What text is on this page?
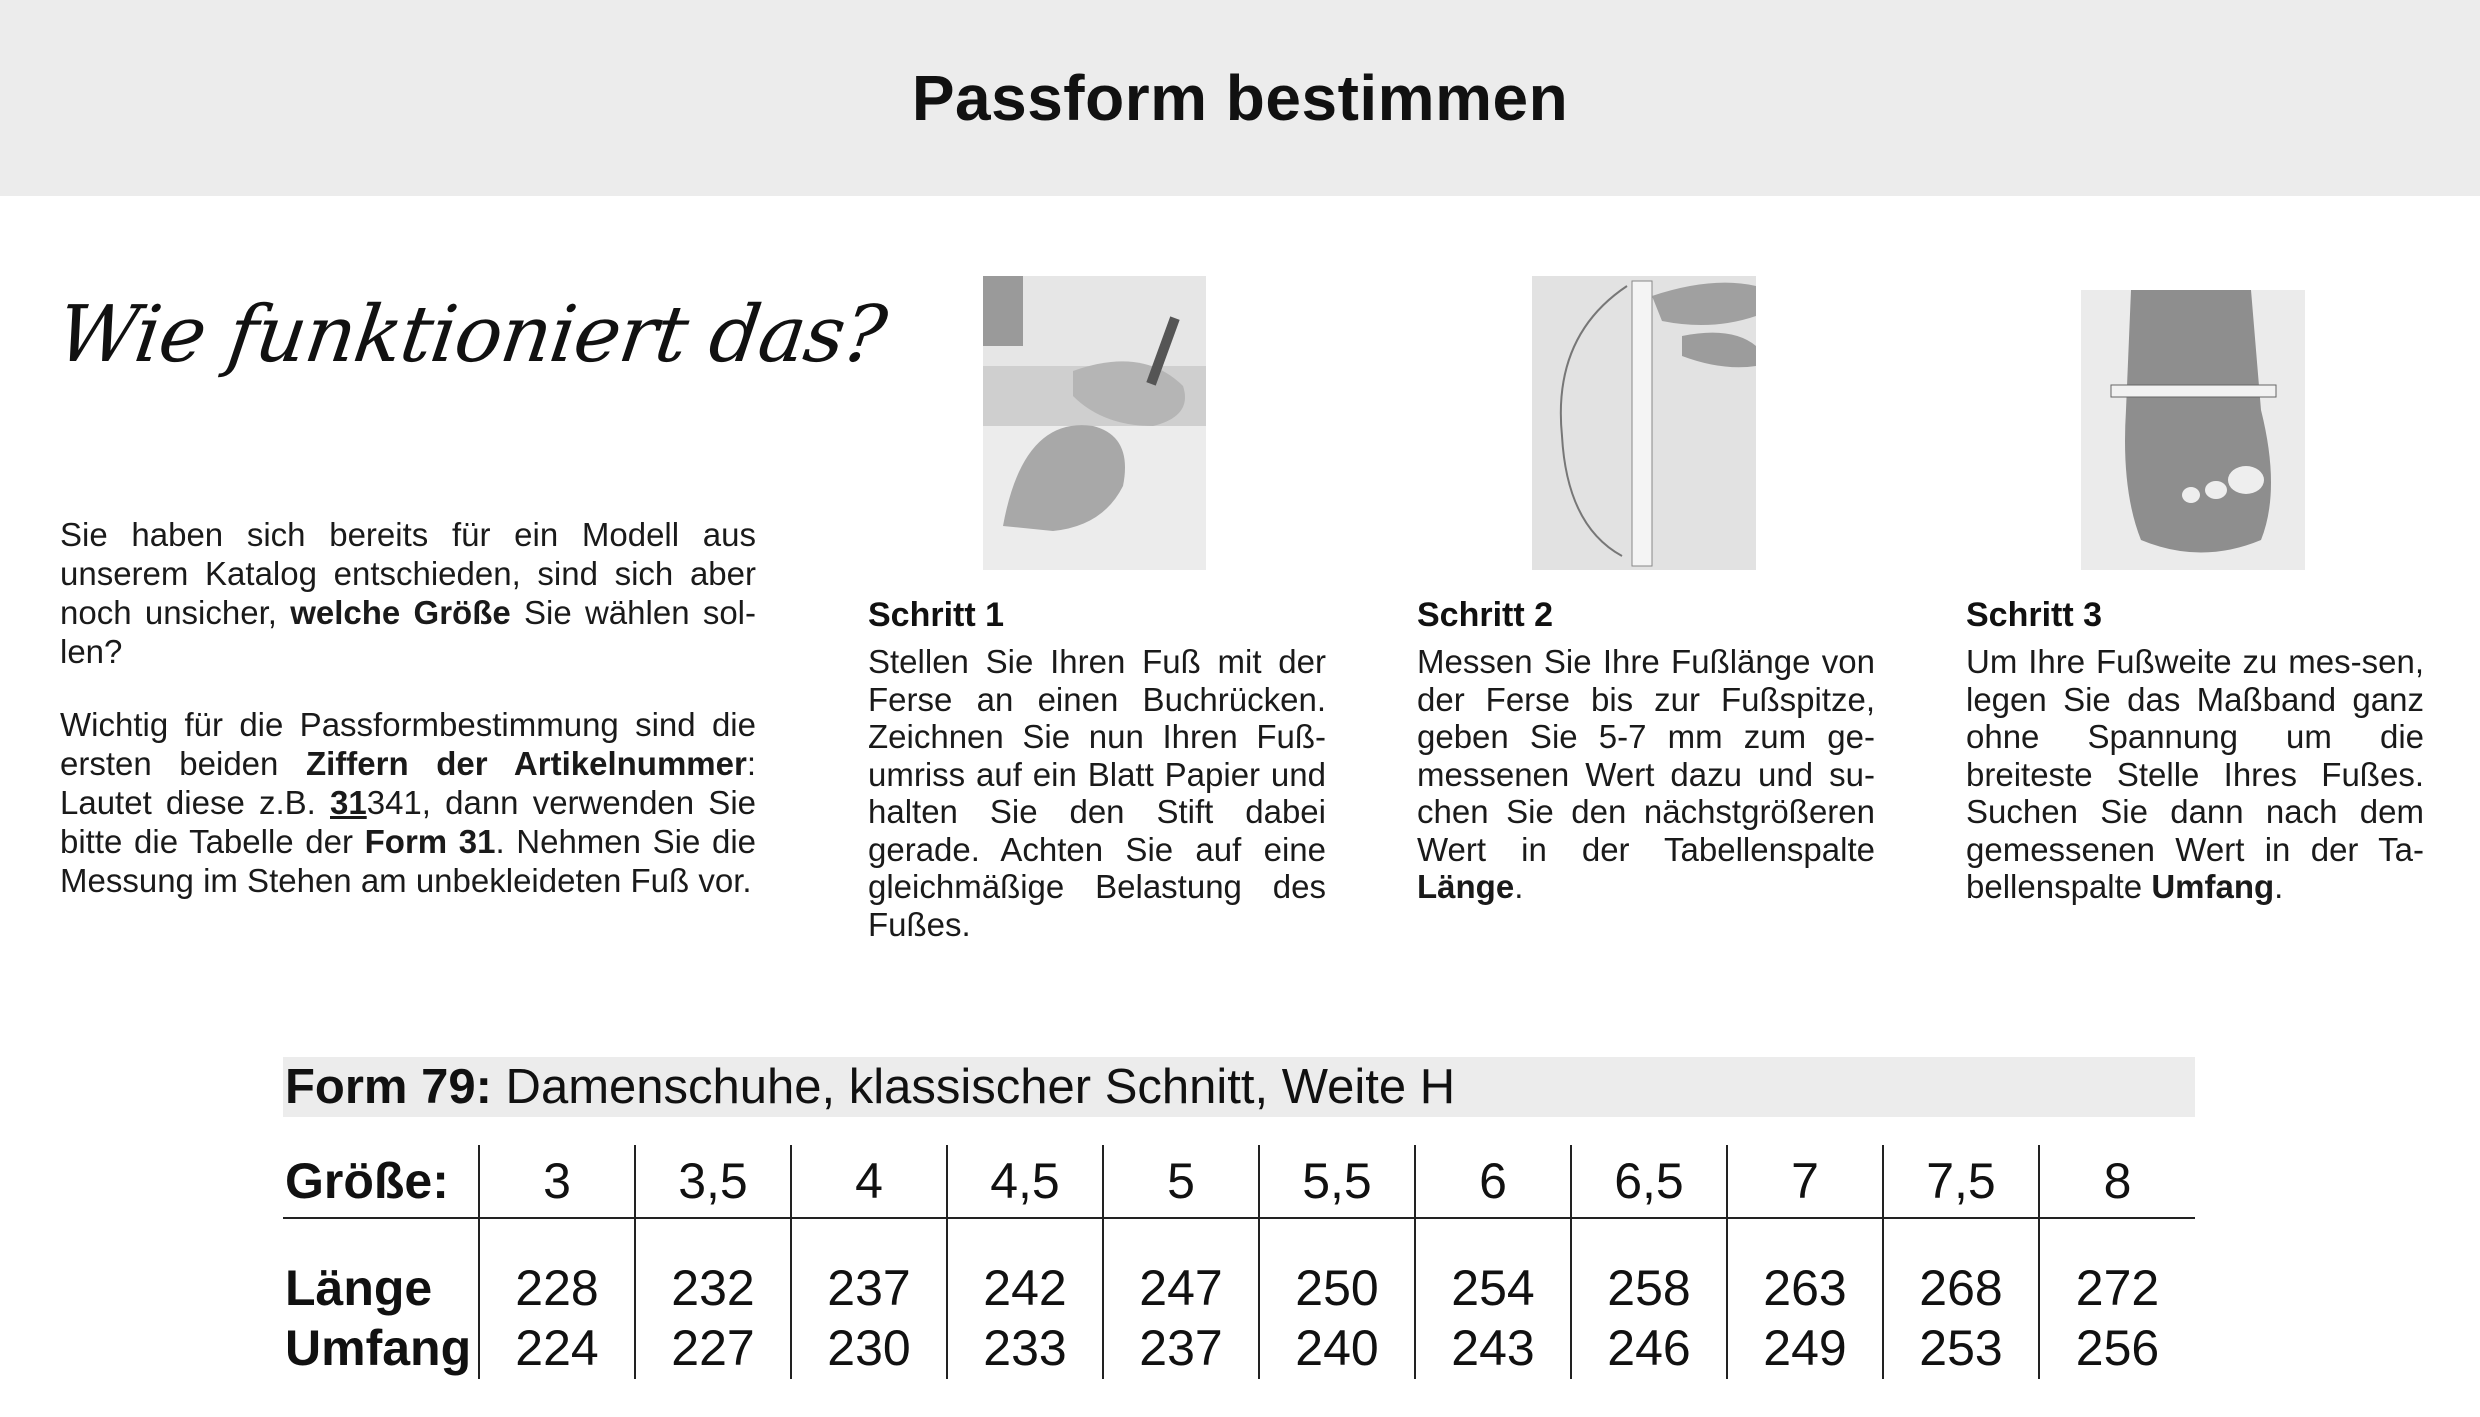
Passform bestimmen
Wie funktioniert das?

Sie haben sich bereits für ein Modell aus unserem Katalog entschieden, sind sich aber noch unsicher, welche Größe Sie wählen sol-len?

Wichtig für die Passformbestimmung sind die ersten beiden Ziffern der Artikelnummer: Lautet diese z.B. 31341, dann verwenden Sie bitte die Tabelle der Form 31. Nehmen Sie die Messung im Stehen am unbekleideten Fuß vor.

Schritt 1
Stellen Sie Ihren Fuß mit der Ferse an einen Buchrücken. Zeichnen Sie nun Ihren Fuß-umriss auf ein Blatt Papier und halten Sie den Stift dabei gerade. Achten Sie auf eine gleichmäßige Belastung des Fußes.
Schritt 2
Messen Sie Ihre Fußlänge von der Ferse bis zur Fußspitze, geben Sie 5-7 mm zum ge-messenen Wert dazu und su-chen Sie den nächstgrößeren Wert in der Tabellenspalte Länge.
Schritt 3
Um Ihre Fußweite zu mes-sen, legen Sie das Maßband ganz ohne Spannung um die breiteste Stelle Ihres Fußes. Suchen Sie dann nach dem gemessenen Wert in der Ta-bellenspalte Umfang.
Form 79: Damenschuhe, klassischer Schnitt, Weite H
Größe:	3	3,5	4	4,5	5	5,5	6	6,5	7	7,5	8
Länge	228	232	237	242	247	250	254	258	263	268	272
Umfang	224	227	230	233	237	240	243	246	249	253	256
